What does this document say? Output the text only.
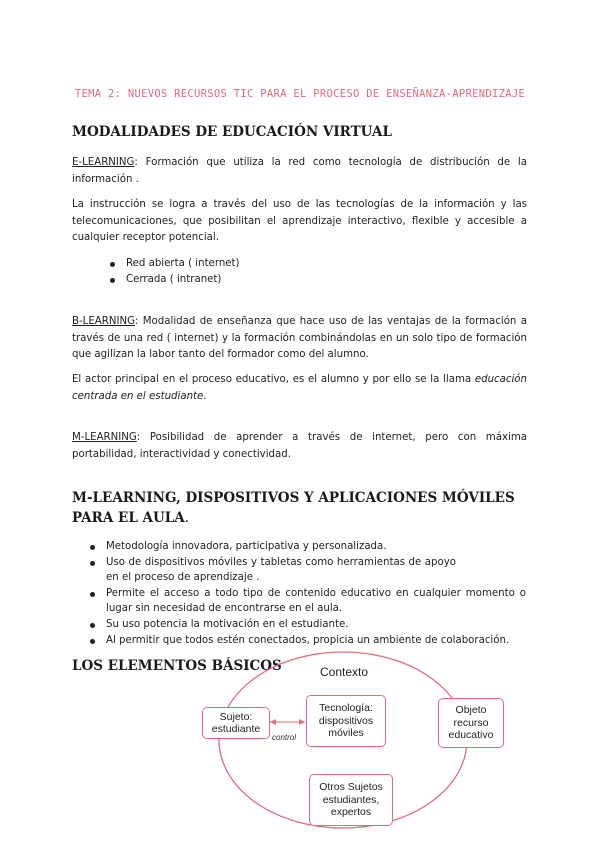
TEMA 2: NUEVOS RECURSOS TIC PARA EL PROCESO DE ENSEÑANZA-APRENDIZAJE
MODALIDADES DE EDUCACIÓN VIRTUAL

E-LEARNING: Formación que utiliza la red como tecnología de distribución de la información .

La instrucción se logra a través del uso de las tecnologías de la información y las telecomunicaciones, que posibilitan el aprendizaje interactivo, flexible y accesible a cualquier receptor potencial.

Red abierta ( internet)
Cerrada ( intranet)

B-LEARNING: Modalidad de enseñanza que hace uso de las ventajas de la formación a través de una red ( internet) y la formación combinándolas en un solo tipo de formación que agilizan la labor tanto del formador como del alumno.

El actor principal en el proceso educativo, es el alumno y por ello se la llama educación centrada en el estudiante.

M-LEARNING: Posibilidad de aprender a través de internet, pero con máxima portabilidad, interactividad y conectividad.

M-LEARNING, DISPOSITIVOS Y APLICACIONES MÓVILES PARA EL AULA.
Metodología innovadora, participativa y personalizada.
Uso de dispositivos móviles y tabletas como herramientas de apoyo en el proceso de aprendizaje .
Permite el acceso a todo tipo de contenido educativo en cualquier momento o lugar sin necesidad de encontrarse en el aula.
Su uso potencia la motivación en el estudiante.
Al permitir que todos estén conectados, propicia un ambiente de colaboración.
LOS ELEMENTOS BÁSICOS	Contexto
control
Sujeto: estudiante
Tecnología: dispositivos móviles
Objeto recurso educativo
Otros Sujetos estudiantes, expertos
